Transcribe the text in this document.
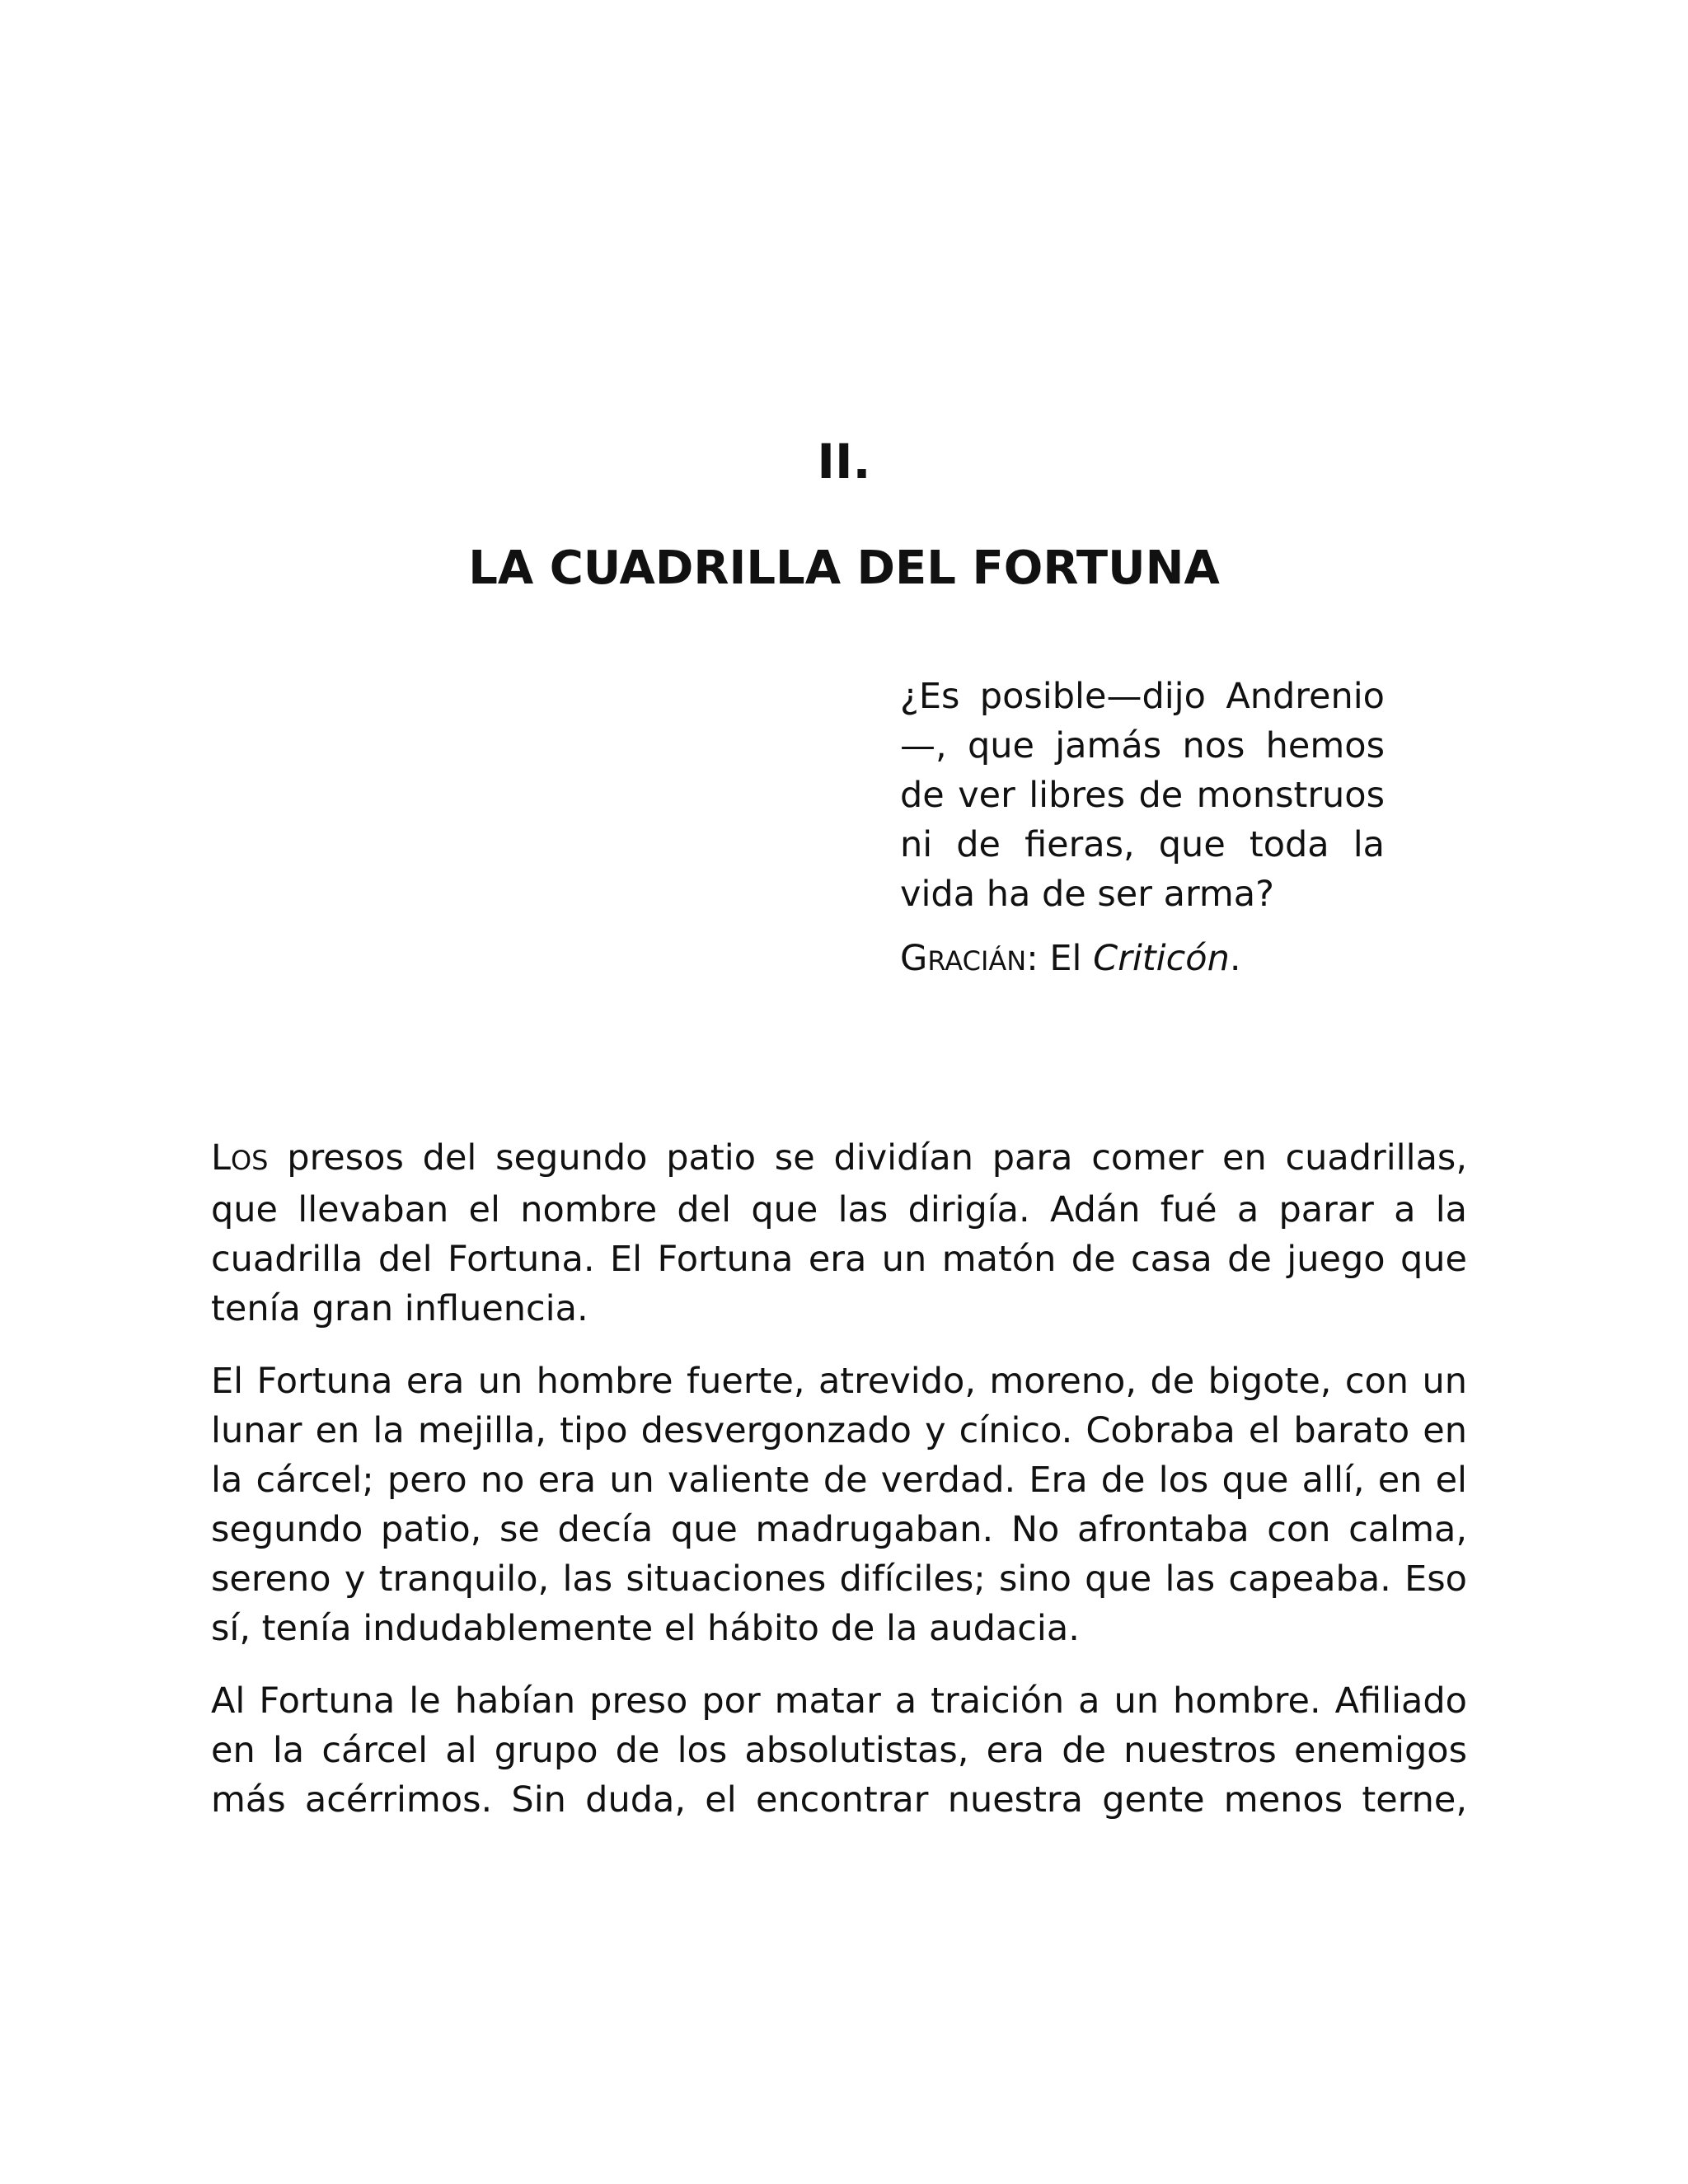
II.
LA CUADRILLA DEL FORTUNA

¿Es posible—dijo Andrenio—, que jamás nos hemos de ver libres de monstruos ni de fieras, que toda la vida ha de ser arma?

GRACIÁN: El Criticón.

LOS presos del segundo patio se dividían para comer en cuadrillas, que llevaban el nombre del que las dirigía. Adán fué a parar a la cuadrilla del Fortuna. El Fortuna era un matón de casa de juego que tenía gran influencia.

El Fortuna era un hombre fuerte, atrevido, moreno, de bigote, con un lunar en la mejilla, tipo desvergonzado y cínico. Cobraba el barato en la cárcel; pero no era un valiente de verdad. Era de los que allí, en el segundo patio, se decía que madrugaban. No afrontaba con calma, sereno y tranquilo, las situaciones difíciles; sino que las capeaba. Eso sí, tenía indudablemente el hábito de la audacia.

Al Fortuna le habían preso por matar a traición a un hombre. Afiliado en la cárcel al grupo de los absolutistas, era de nuestros enemigos más acérrimos. Sin duda, el encontrar nuestra gente menos terne,
